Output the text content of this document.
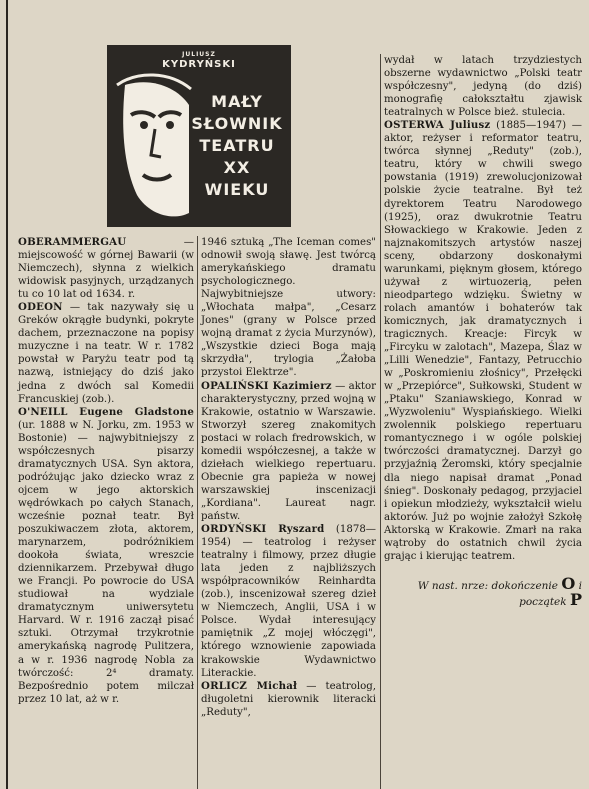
JULIUSZ
KYDRYŃSKI
MAŁY
SŁOWNIK
TEATRU
XX
WIEKU

OBERAMMERGAU — miejscowość w górnej Bawarii (w Niemczech), słynna z wielkich widowisk pasyjnych, urządzanych tu co 10 lat od 1634. r.

ODEON — tak nazywały się u Greków okrągłe budynki, pokryte dachem, przeznaczone na popisy muzyczne i na teatr. W r. 1782 powstał w Paryżu teatr pod tą nazwą, istniejący do dziś jako jedna z dwóch sal Komedii Francuskiej (zob.).

O'NEILL Eugene Gladstone (ur. 1888 w N. Jorku, zm. 1953 w Bostonie) — najwybitniejszy z współczesnych pisarzy dramatycznych USA. Syn aktora, podróżując jako dziecko wraz z ojcem w jego aktorskich wędrówkach po całych Stanach, wcześnie poznał teatr. Był poszukiwaczem złota, aktorem, marynarzem, podróżnikiem dookoła świata, wreszcie dziennikarzem. Przebywał długo we Francji. Po powrocie do USA studiował na wydziale dramatycznym uniwersytetu Harvard. W r. 1916 zaczął pisać sztuki. Otrzymał trzykrotnie amerykańską nagrodę Pulitzera, a w r. 1936 nagrodę Nobla za twórczość: 2⁴ dramaty. Bezpośrednio potem milczał przez 10 lat, aż w r.

1946 sztuką „The Iceman comes" odnowił swoją sławę. Jest twórcą amerykańskiego dramatu psychologicznego. Najwybitniejsze utwory: „Włochata małpa", „Cesarz Jones" (grany w Polsce przed wojną dramat z życia Murzynów), „Wszystkie dzieci Boga mają skrzydła", trylogia „Żałoba przystoi Elektrze".

OPALIŃSKI Kazimierz — aktor charakterystyczny, przed wojną w Krakowie, ostatnio w Warszawie. Stworzył szereg znakomitych postaci w rolach fredrowskich, w komedii współczesnej, a także w dziełach wielkiego repertuaru. Obecnie gra papieża w nowej warszawskiej inscenizacji „Kordiana". Laureat nagr. państw.

ORDYŃSKI Ryszard (1878—1954) — teatrolog i reżyser teatralny i filmowy, przez długie lata jeden z najbliższych współpracowników Reinhardta (zob.), inscenizował szereg dzieł w Niemczech, Anglii, USA i w Polsce. Wydał interesujący pamiętnik „Z mojej włóczęgi", którego wznowienie zapowiada krakowskie Wydawnictwo Literackie.

ORLICZ Michał — teatrolog, długoletni kierownik literacki „Reduty",

wydał w latach trzydziestych obszerne wydawnictwo „Polski teatr współczesny", jedyną (do dziś) monografię całokształtu zjawisk teatralnych w Polsce bież. stulecia.

OSTERWA Juliusz (1885—1947) — aktor, reżyser i reformator teatru, twórca słynnej „Reduty" (zob.), teatru, który w chwili swego powstania (1919) zrewolucjonizował polskie życie teatralne. Był też dyrektorem Teatru Narodowego (1925), oraz dwukrotnie Teatru Słowackiego w Krakowie. Jeden z najznakomitszych artystów naszej sceny, obdarzony doskonałymi warunkami, pięknym głosem, którego używał z wirtuozerią, pełen nieodpartego wdzięku. Świetny w rolach amantów i bohaterów tak komicznych, jak dramatycznych i tragicznych. Kreacje: Fircyk w „Fircyku w zalotach", Mazepa, Ślaz w „Lilli Wenedzie", Fantazy, Petrucchio w „Poskromieniu złośnicy", Przełęcki w „Przepiórce", Sułkowski, Student w „Ptaku" Szaniawskiego, Konrad w „Wyzwoleniu" Wyspiańskiego. Wielki zwolennik polskiego repertuaru romantycznego i w ogóle polskiej twórczości dramatycznej. Darzył go przyjaźnią Żeromski, który specjalnie dla niego napisał dramat „Ponad śnieg". Doskonały pedagog, przyjaciel i opiekun młodzieży, wykształcił wielu aktorów. Już po wojnie założył Szkołę Aktorską w Krakowie. Zmarł na raka wątroby do ostatnich chwil życia grając i kierując teatrem.

W nast. nrze: dokończenie O i początek P
